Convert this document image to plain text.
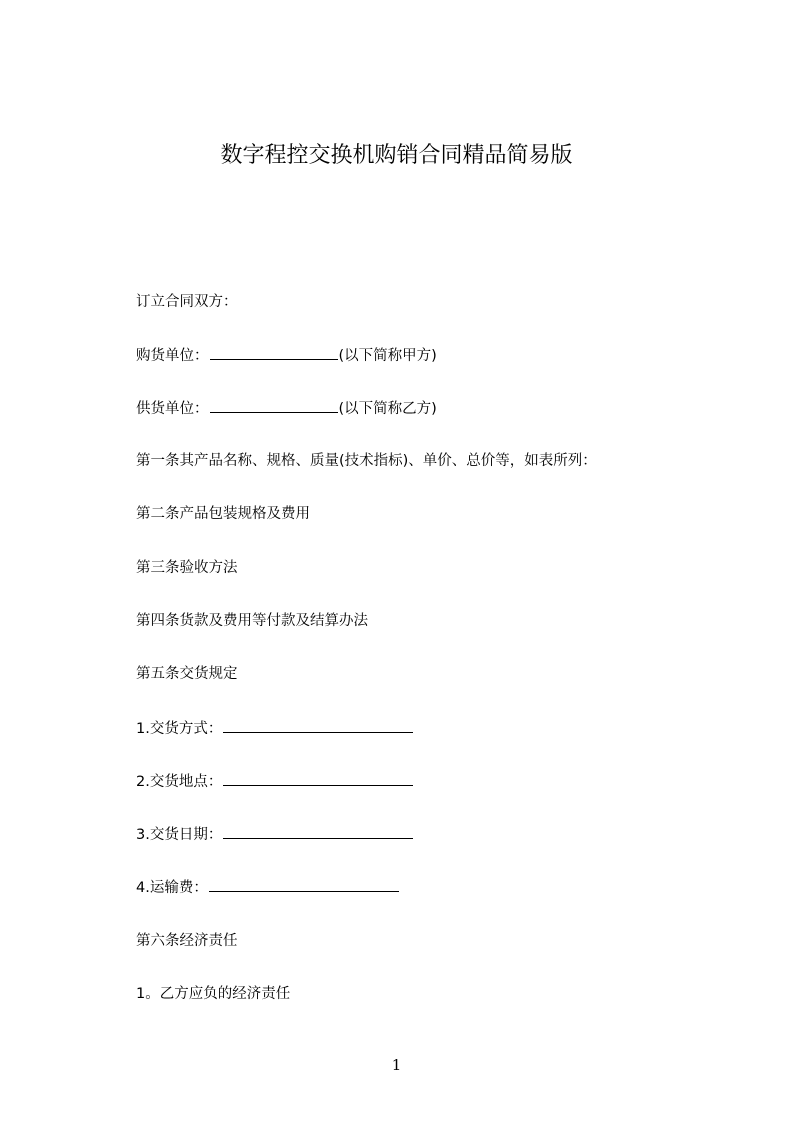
数字程控交换机购销合同精品简易版
订立合同双方：
购货单位：	(以下简称甲方)
供货单位：	(以下简称乙方)
第一条其产品名称、规格、质量(技术指标)、单价、总价等，如表所列：
第二条产品包装规格及费用
第三条验收方法
第四条货款及费用等付款及结算办法
第五条交货规定
1.交货方式：
2.交货地点：
3.交货日期：
4.运输费：
第六条经济责任
1。乙方应负的经济责任
1
